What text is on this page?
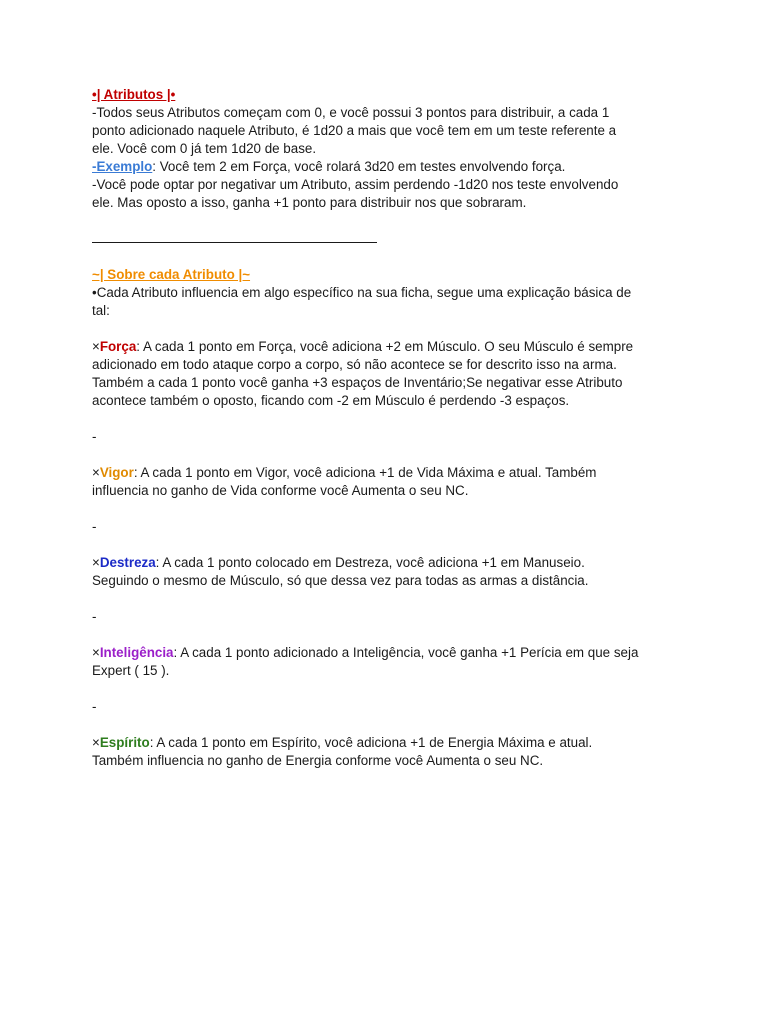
•| Atributos |•

-Todos seus Atributos começam com 0, e você possui 3 pontos para distribuir, a cada 1

ponto adicionado naquele Atributo, é 1d20 a mais que você tem em um teste referente a

ele. Você com 0 já tem 1d20 de base.

-Exemplo: Você tem 2 em Força, você rolará 3d20 em testes envolvendo força.

-Você pode optar por negativar um Atributo, assim perdendo -1d20 nos teste envolvendo

ele. Mas oposto a isso, ganha +1 ponto para distribuir nos que sobraram.

~| Sobre cada Atributo |~

•Cada Atributo influencia em algo específico na sua ficha, segue uma explicação básica de

tal:

×Força: A cada 1 ponto em Força, você adiciona +2 em Músculo. O seu Músculo é sempre

adicionado em todo ataque corpo a corpo, só não acontece se for descrito isso na arma.

Também a cada 1 ponto você ganha +3 espaços de Inventário;Se negativar esse Atributo

acontece também o oposto, ficando com -2 em Músculo é perdendo -3 espaços.

-

×Vigor: A cada 1 ponto em Vigor, você adiciona +1 de Vida Máxima e atual. Também

influencia no ganho de Vida conforme você Aumenta o seu NC.

-

×Destreza: A cada 1 ponto colocado em Destreza, você adiciona +1 em Manuseio.

Seguindo o mesmo de Músculo, só que dessa vez para todas as armas a distância.

-

×Inteligência: A cada 1 ponto adicionado a Inteligência, você ganha +1 Perícia em que seja

Expert ( 15 ).

-

×Espírito: A cada 1 ponto em Espírito, você adiciona +1 de Energia Máxima e atual.

Também influencia no ganho de Energia conforme você Aumenta o seu NC.
